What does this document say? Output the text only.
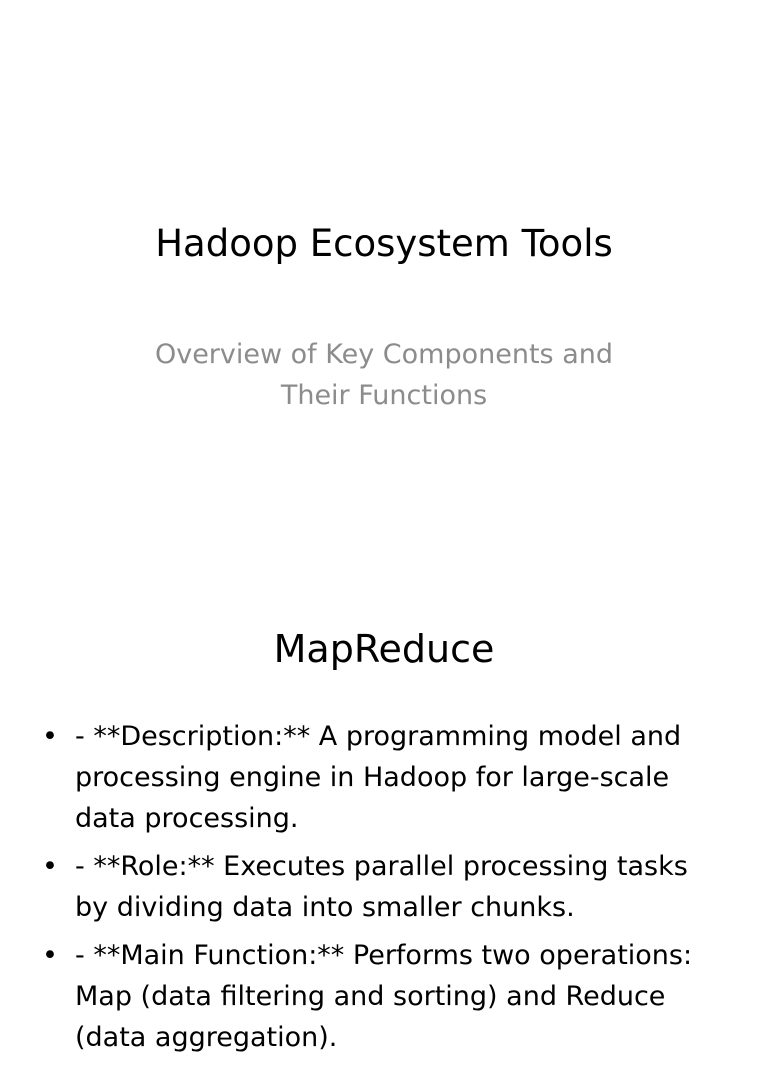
Hadoop Ecosystem Tools

Overview of Key Components and Their Functions

MapReduce
• - **Description:** A programming model and processing engine in Hadoop for large-scale data processing.
• - **Role:** Executes parallel processing tasks by dividing data into smaller chunks.
• - **Main Function:** Performs two operations: Map (data filtering and sorting) and Reduce (data aggregation).
